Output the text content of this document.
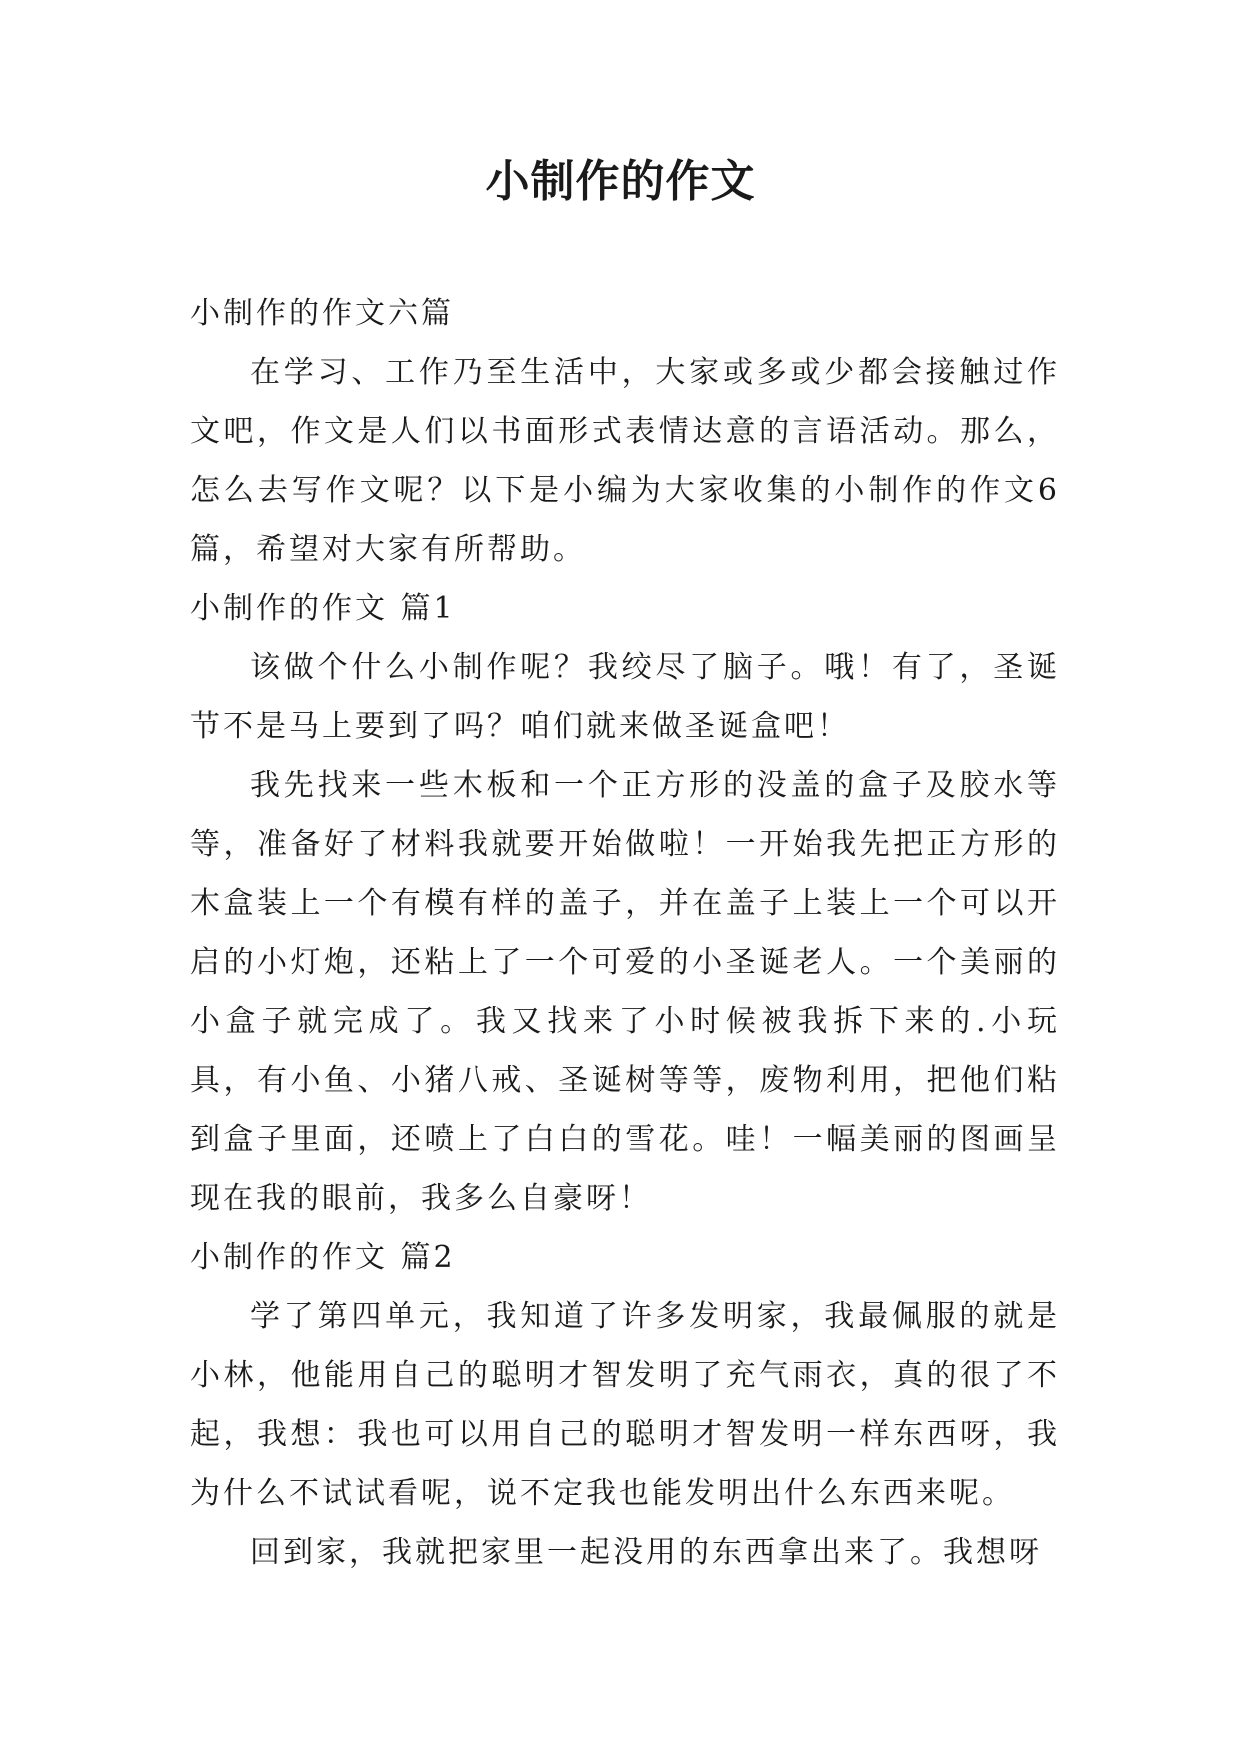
小制作的作文

小制作的作文六篇

在学习、工作乃至生活中，大家或多或少都会接触过作文吧，作文是人们以书面形式表情达意的言语活动。那么，怎么去写作文呢？以下是小编为大家收集的小制作的作文6篇，希望对大家有所帮助。

小制作的作文 篇1

该做个什么小制作呢？我绞尽了脑子。哦！有了，圣诞节不是马上要到了吗？咱们就来做圣诞盒吧！

我先找来一些木板和一个正方形的没盖的盒子及胶水等等，准备好了材料我就要开始做啦！一开始我先把正方形的木盒装上一个有模有样的盖子，并在盖子上装上一个可以开启的小灯炮，还粘上了一个可爱的小圣诞老人。一个美丽的小盒子就完成了。我又找来了小时候被我拆下来的.小玩具，有小鱼、小猪八戒、圣诞树等等，废物利用，把他们粘到盒子里面，还喷上了白白的雪花。哇！一幅美丽的图画呈现在我的眼前，我多么自豪呀！

小制作的作文 篇2

学了第四单元，我知道了许多发明家，我最佩服的就是小林，他能用自己的聪明才智发明了充气雨衣，真的很了不起，我想：我也可以用自己的聪明才智发明一样东西呀，我为什么不试试看呢，说不定我也能发明出什么东西来呢。

回到家，我就把家里一起没用的东西拿出来了。我想呀
